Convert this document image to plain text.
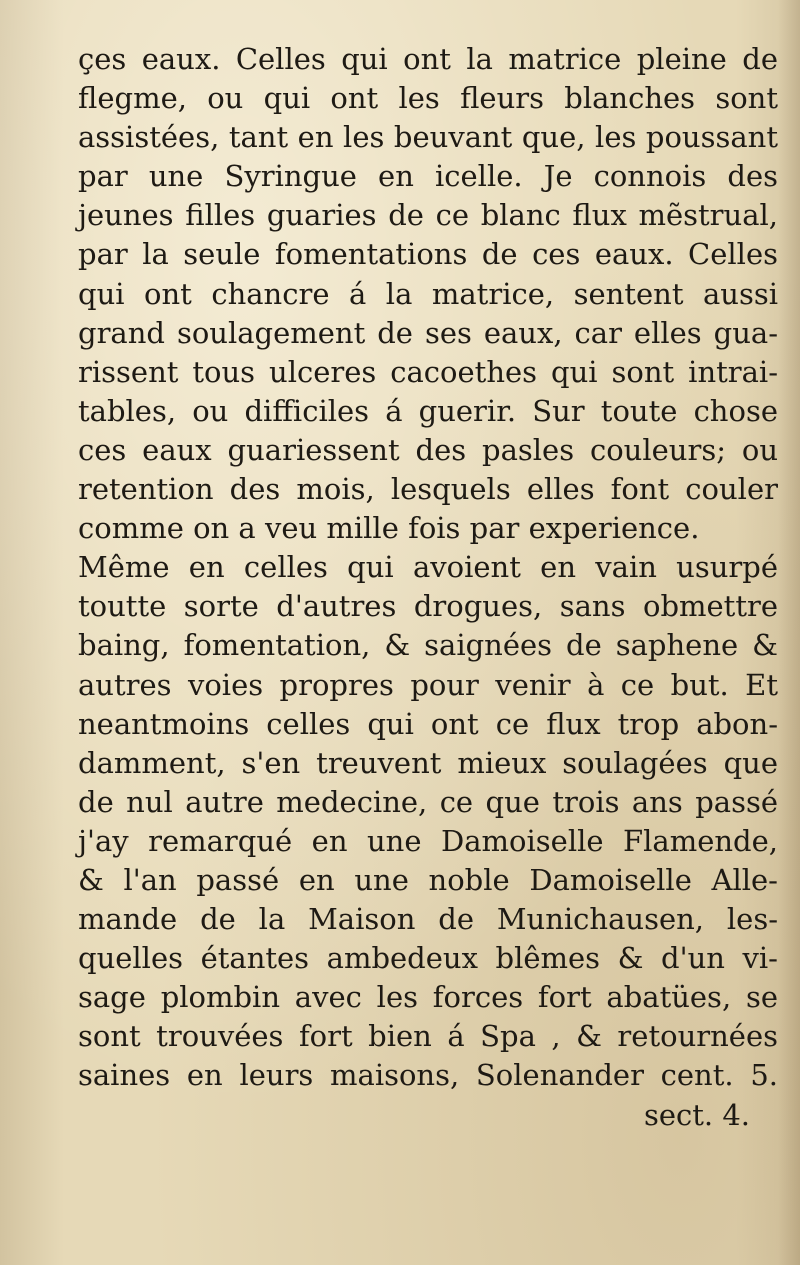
çes eaux. Celles qui ont la matrice pleine de
flegme, ou qui ont les fleurs blanches sont
assistées, tant en les beuvant que, les poussant
par une Syringue en icelle. Je connois des
jeunes filles guaries de ce blanc flux mẽstrual,
par la seule fomentations de ces eaux. Celles
qui ont chancre á la matrice, sentent aussi
grand soulagement de ses eaux, car elles gua-
rissent tous ulceres cacoethes qui sont intrai-
tables, ou difficiles á guerir. Sur toute chose
ces eaux guariessent des pasles couleurs; ou
retention des mois, lesquels elles font couler
comme on a veu mille fois par experience.
Même en celles qui avoient en vain usurpé
toutte sorte d'autres drogues, sans obmettre
baing, fomentation, & saignées de saphene &
autres voies propres pour venir à ce but. Et
neantmoins celles qui ont ce flux trop abon-
damment, s'en treuvent mieux soulagées que
de nul autre medecine, ce que trois ans passé
j'ay remarqué en une Damoiselle Flamende,
& l'an passé en une noble Damoiselle Alle-
mande de la Maison de Munichausen, les-
quelles étantes ambedeux blêmes & d'un vi-
sage plombin avec les forces fort abatües, se
sont trouvées fort bien á Spa , & retournées
saines en leurs maisons, Solenander cent. 5.
sect. 4.
